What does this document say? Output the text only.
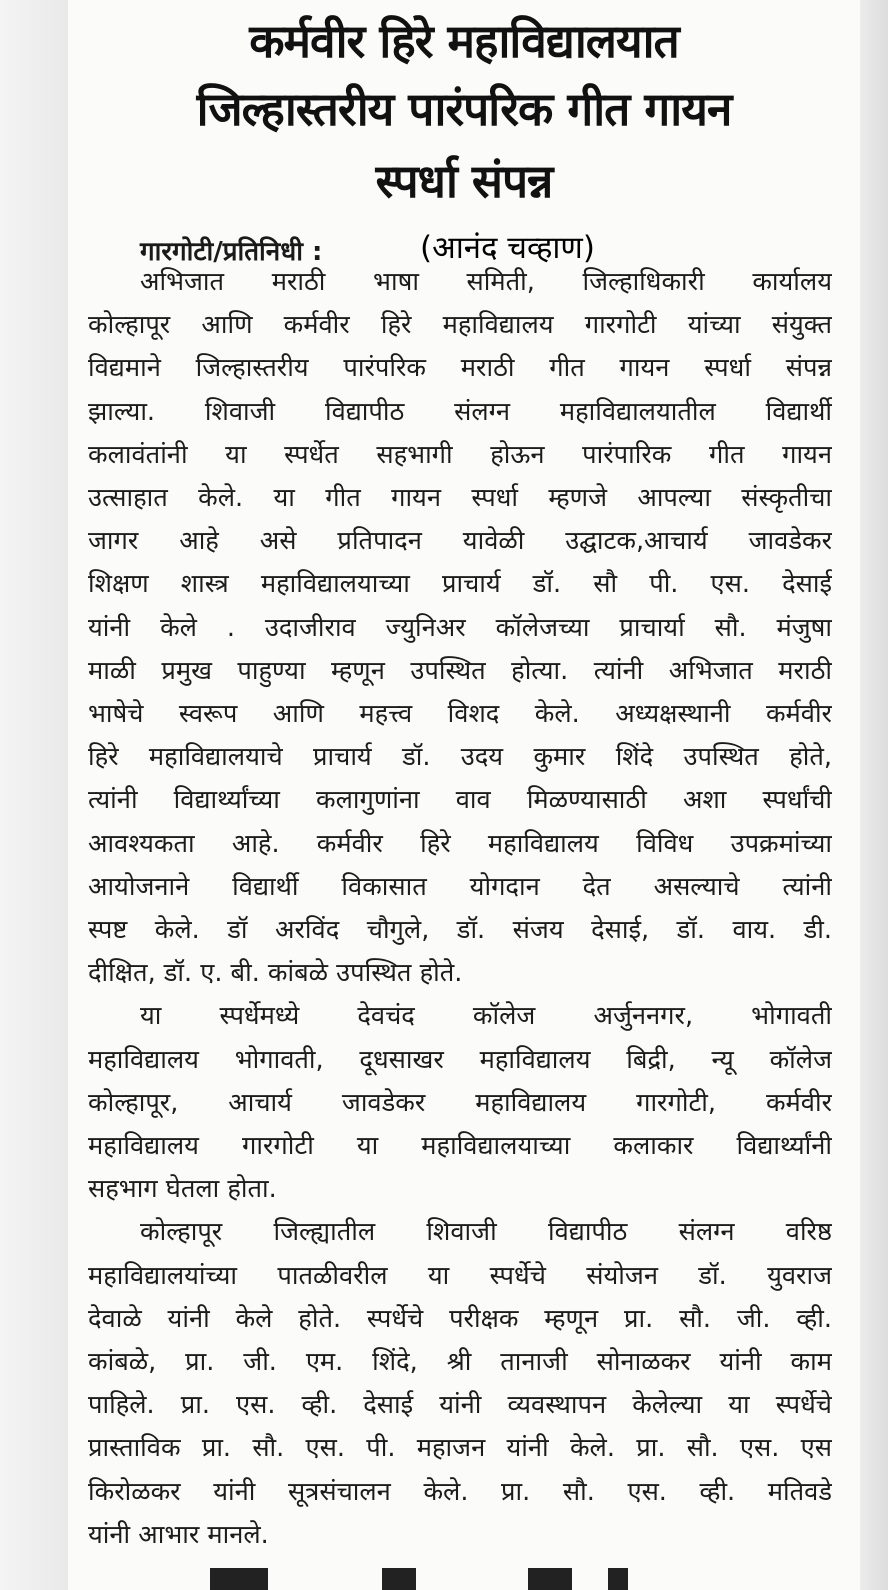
कर्मवीर हिरे महाविद्यालयात
जिल्हास्तरीय पारंपरिक गीत गायन
स्पर्धा संपन्न
गारगोटी/प्रतिनिधी :	(आनंद चव्हाण)
अभिजात मराठी भाषा समिती, जिल्हाधिकारी कार्यालय
कोल्हापूर आणि कर्मवीर हिरे महाविद्यालय गारगोटी यांच्या संयुक्त
विद्यमाने जिल्हास्तरीय पारंपरिक मराठी गीत गायन स्पर्धा संपन्न
झाल्या. शिवाजी विद्यापीठ संलग्न महाविद्यालयातील विद्यार्थी
कलावंतांनी या स्पर्धेत सहभागी होऊन पारंपारिक गीत गायन
उत्साहात केले. या गीत गायन स्पर्धा म्हणजे आपल्या संस्कृतीचा
जागर आहे असे प्रतिपादन यावेळी उद्घाटक,आचार्य जावडेकर
शिक्षण शास्त्र महाविद्यालयाच्या प्राचार्य डॉ. सौ पी. एस. देसाई
यांनी केले . उदाजीराव ज्युनिअर कॉलेजच्या प्राचार्या सौ. मंजुषा
माळी प्रमुख पाहुण्या म्हणून उपस्थित होत्या. त्यांनी अभिजात मराठी
भाषेचे स्वरूप आणि महत्त्व विशद केले. अध्यक्षस्थानी कर्मवीर
हिरे महाविद्यालयाचे प्राचार्य डॉ. उदय कुमार शिंदे उपस्थित होते,
त्यांनी विद्यार्थ्यांच्या कलागुणांना वाव मिळण्यासाठी अशा स्पर्धांची
आवश्यकता आहे. कर्मवीर हिरे महाविद्यालय विविध उपक्रमांच्या
आयोजनाने विद्यार्थी विकासात योगदान देत असल्याचे त्यांनी
स्पष्ट केले. डॉ अरविंद चौगुले, डॉ. संजय देसाई, डॉ. वाय. डी.
दीक्षित, डॉ. ए. बी. कांबळे उपस्थित होते.
या स्पर्धेमध्ये देवचंद कॉलेज अर्जुननगर, भोगावती
महाविद्यालय भोगावती, दूधसाखर महाविद्यालय बिद्री, न्यू कॉलेज
कोल्हापूर, आचार्य जावडेकर महाविद्यालय गारगोटी, कर्मवीर
महाविद्यालय गारगोटी या महाविद्यालयाच्या कलाकार विद्यार्थ्यांनी
सहभाग घेतला होता.
कोल्हापूर जिल्ह्यातील शिवाजी विद्यापीठ संलग्न वरिष्ठ
महाविद्यालयांच्या पातळीवरील या स्पर्धेचे संयोजन डॉ. युवराज
देवाळे यांनी केले होते. स्पर्धेचे परीक्षक म्हणून प्रा. सौ. जी. व्ही.
कांबळे, प्रा. जी. एम. शिंदे, श्री तानाजी सोनाळकर यांनी काम
पाहिले. प्रा. एस. व्ही. देसाई यांनी व्यवस्थापन केलेल्या या स्पर्धेचे
प्रास्ताविक प्रा. सौ. एस. पी. महाजन यांनी केले. प्रा. सौ. एस. एस
किरोळकर यांनी सूत्रसंचालन केले. प्रा. सौ. एस. व्ही. मतिवडे
यांनी आभार मानले.
